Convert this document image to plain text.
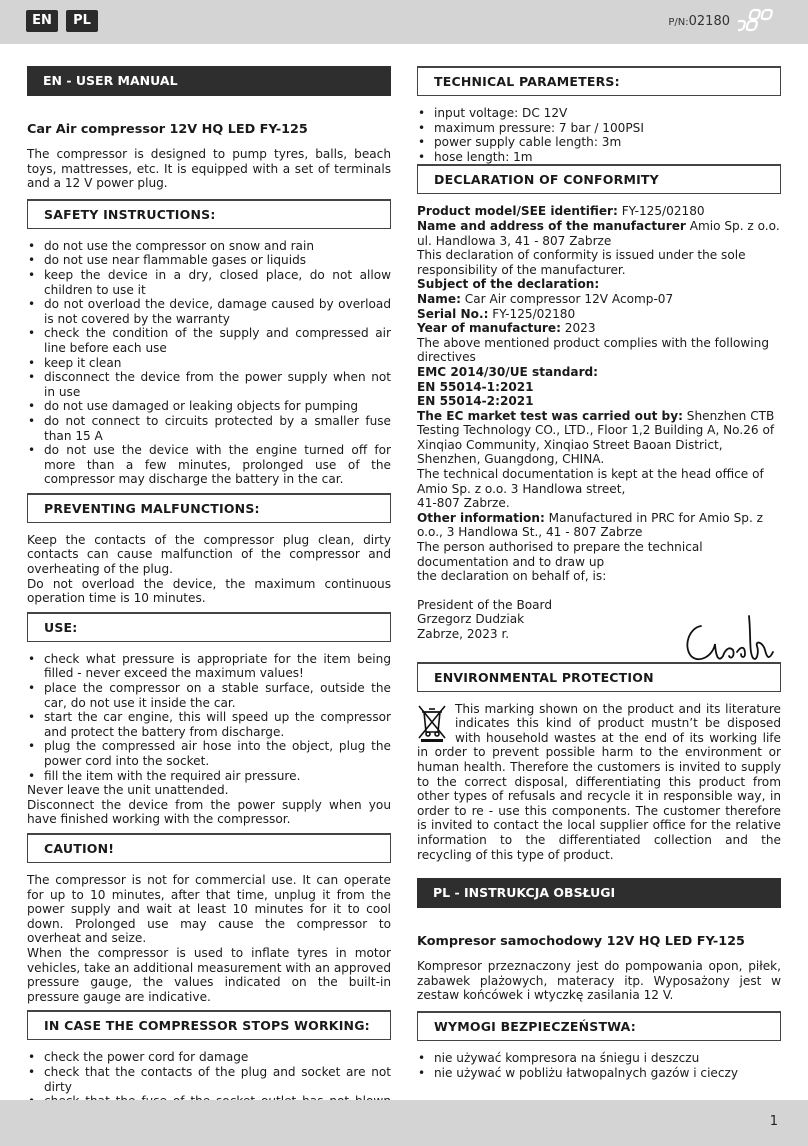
EN	PL	P/N:02180
EN - USER MANUAL
Car Air compressor 12V HQ LED FY-125

The compressor is designed to pump tyres, balls, beach toys, mattresses, etc. It is equipped with a set of terminals and a 12 V power plug.

SAFETY INSTRUCTIONS:
• do not use the compressor on snow and rain
• do not use near flammable gases or liquids
• keep the device in a dry, closed place, do not allow children to use it
• do not overload the device, damage caused by overload is not covered by the warranty
• check the condition of the supply and compressed air line before each use
• keep it clean
• disconnect the device from the power supply when not in use
• do not use damaged or leaking objects for pumping
• do not connect to circuits protected by a smaller fuse than 15 A
• do not use the device with the engine turned off for more than a few minutes, prolonged use of the compressor may discharge the battery in the car.
PREVENTING MALFUNCTIONS:

Keep the contacts of the compressor plug clean, dirty contacts can cause malfunction of the compressor and overheating of the plug.

Do not overload the device, the maximum continuous operation time is 10 minutes.

USE:
• check what pressure is appropriate for the item being filled - never exceed the maximum values!
• place the compressor on a stable surface, outside the car, do not use it inside the car.
• start the car engine, this will speed up the compressor and protect the battery from discharge.
• plug the compressed air hose into the object, plug the power cord into the socket.
• fill the item with the required air pressure.

Never leave the unit unattended.

Disconnect the device from the power supply when you have finished working with the compressor.

CAUTION!

The compressor is not for commercial use. It can operate for up to 10 minutes, after that time, unplug it from the power supply and wait at least 10 minutes for it to cool down. Prolonged use may cause the compressor to overheat and seize.

When the compressor is used to inflate tyres in motor vehicles, take an additional measurement with an approved pressure gauge, the values indicated on the built-in pressure gauge are indicative.

IN CASE THE COMPRESSOR STOPS WORKING:
• check the power cord for damage
• check that the contacts of the plug and socket are not dirty
•
TECHNICAL PARAMETERS:
• input voltage: DC 12V
• maximum pressure: 7 bar / 100PSI
• power supply cable length: 3m
• hose length: 1m
DECLARATION OF CONFORMITY

Product model/SEE identifier: FY-125/02180

Name and address of the manufacturer Amio Sp. z o.o. ul. Handlowa 3, 41 - 807 Zabrze

This declaration of conformity is issued under the sole responsibility of the manufacturer.

Subject of the declaration:

Name: Car Air compressor 12V Acomp-07

Serial No.: FY-125/02180

Year of manufacture: 2023

The above mentioned product complies with the following directives

EMC 2014/30/UE standard:

EN 55014-1:2021

EN 55014-2:2021

The EC market test was carried out by: Shenzhen CTB Testing Technology CO., LTD., Floor 1,2 Building A, No.26 of Xinqiao Community, Xinqiao Street Baoan District, Shenzhen, Guangdong, CHINA.

The technical documentation is kept at the head office of Amio Sp. z o.o. 3 Handlowa street,

41-807 Zabrze.

Other information: Manufactured in PRC for Amio Sp. z o.o., 3 Handlowa St., 41 - 807 Zabrze

The person authorised to prepare the technical documentation and to draw up

the declaration on behalf of, is:

President of the Board

Grzegorz Dudziak

Zabrze, 2023 r.

ENVIRONMENTAL PROTECTION

This marking shown on the product and its literature indicates this kind of product mustn’t be disposed with household wastes at the end of its working life in order to prevent possible harm to the environment or human health. Therefore the customers is invited to supply to the correct disposal, differentiating this product from other types of refusals and recycle it in responsible way, in order to re - use this components. The customer therefore is invited to contact the local supplier office for the relative information to the differentiated collection and the recycling of this type of product.

PL - INSTRUKCJA OBSŁUGI
Kompresor samochodowy 12V HQ LED FY-125

Kompresor przeznaczony jest do pompowania opon, piłek, zabawek plażowych, materacy itp. Wyposażony jest w zestaw końcówek i wtyczkę zasilania 12 V.

WYMOGI BEZPIECZEŃSTWA:
• nie używać kompresora na śniegu i deszczu
• nie używać w pobliżu łatwopalnych gazów i cieczy
1
